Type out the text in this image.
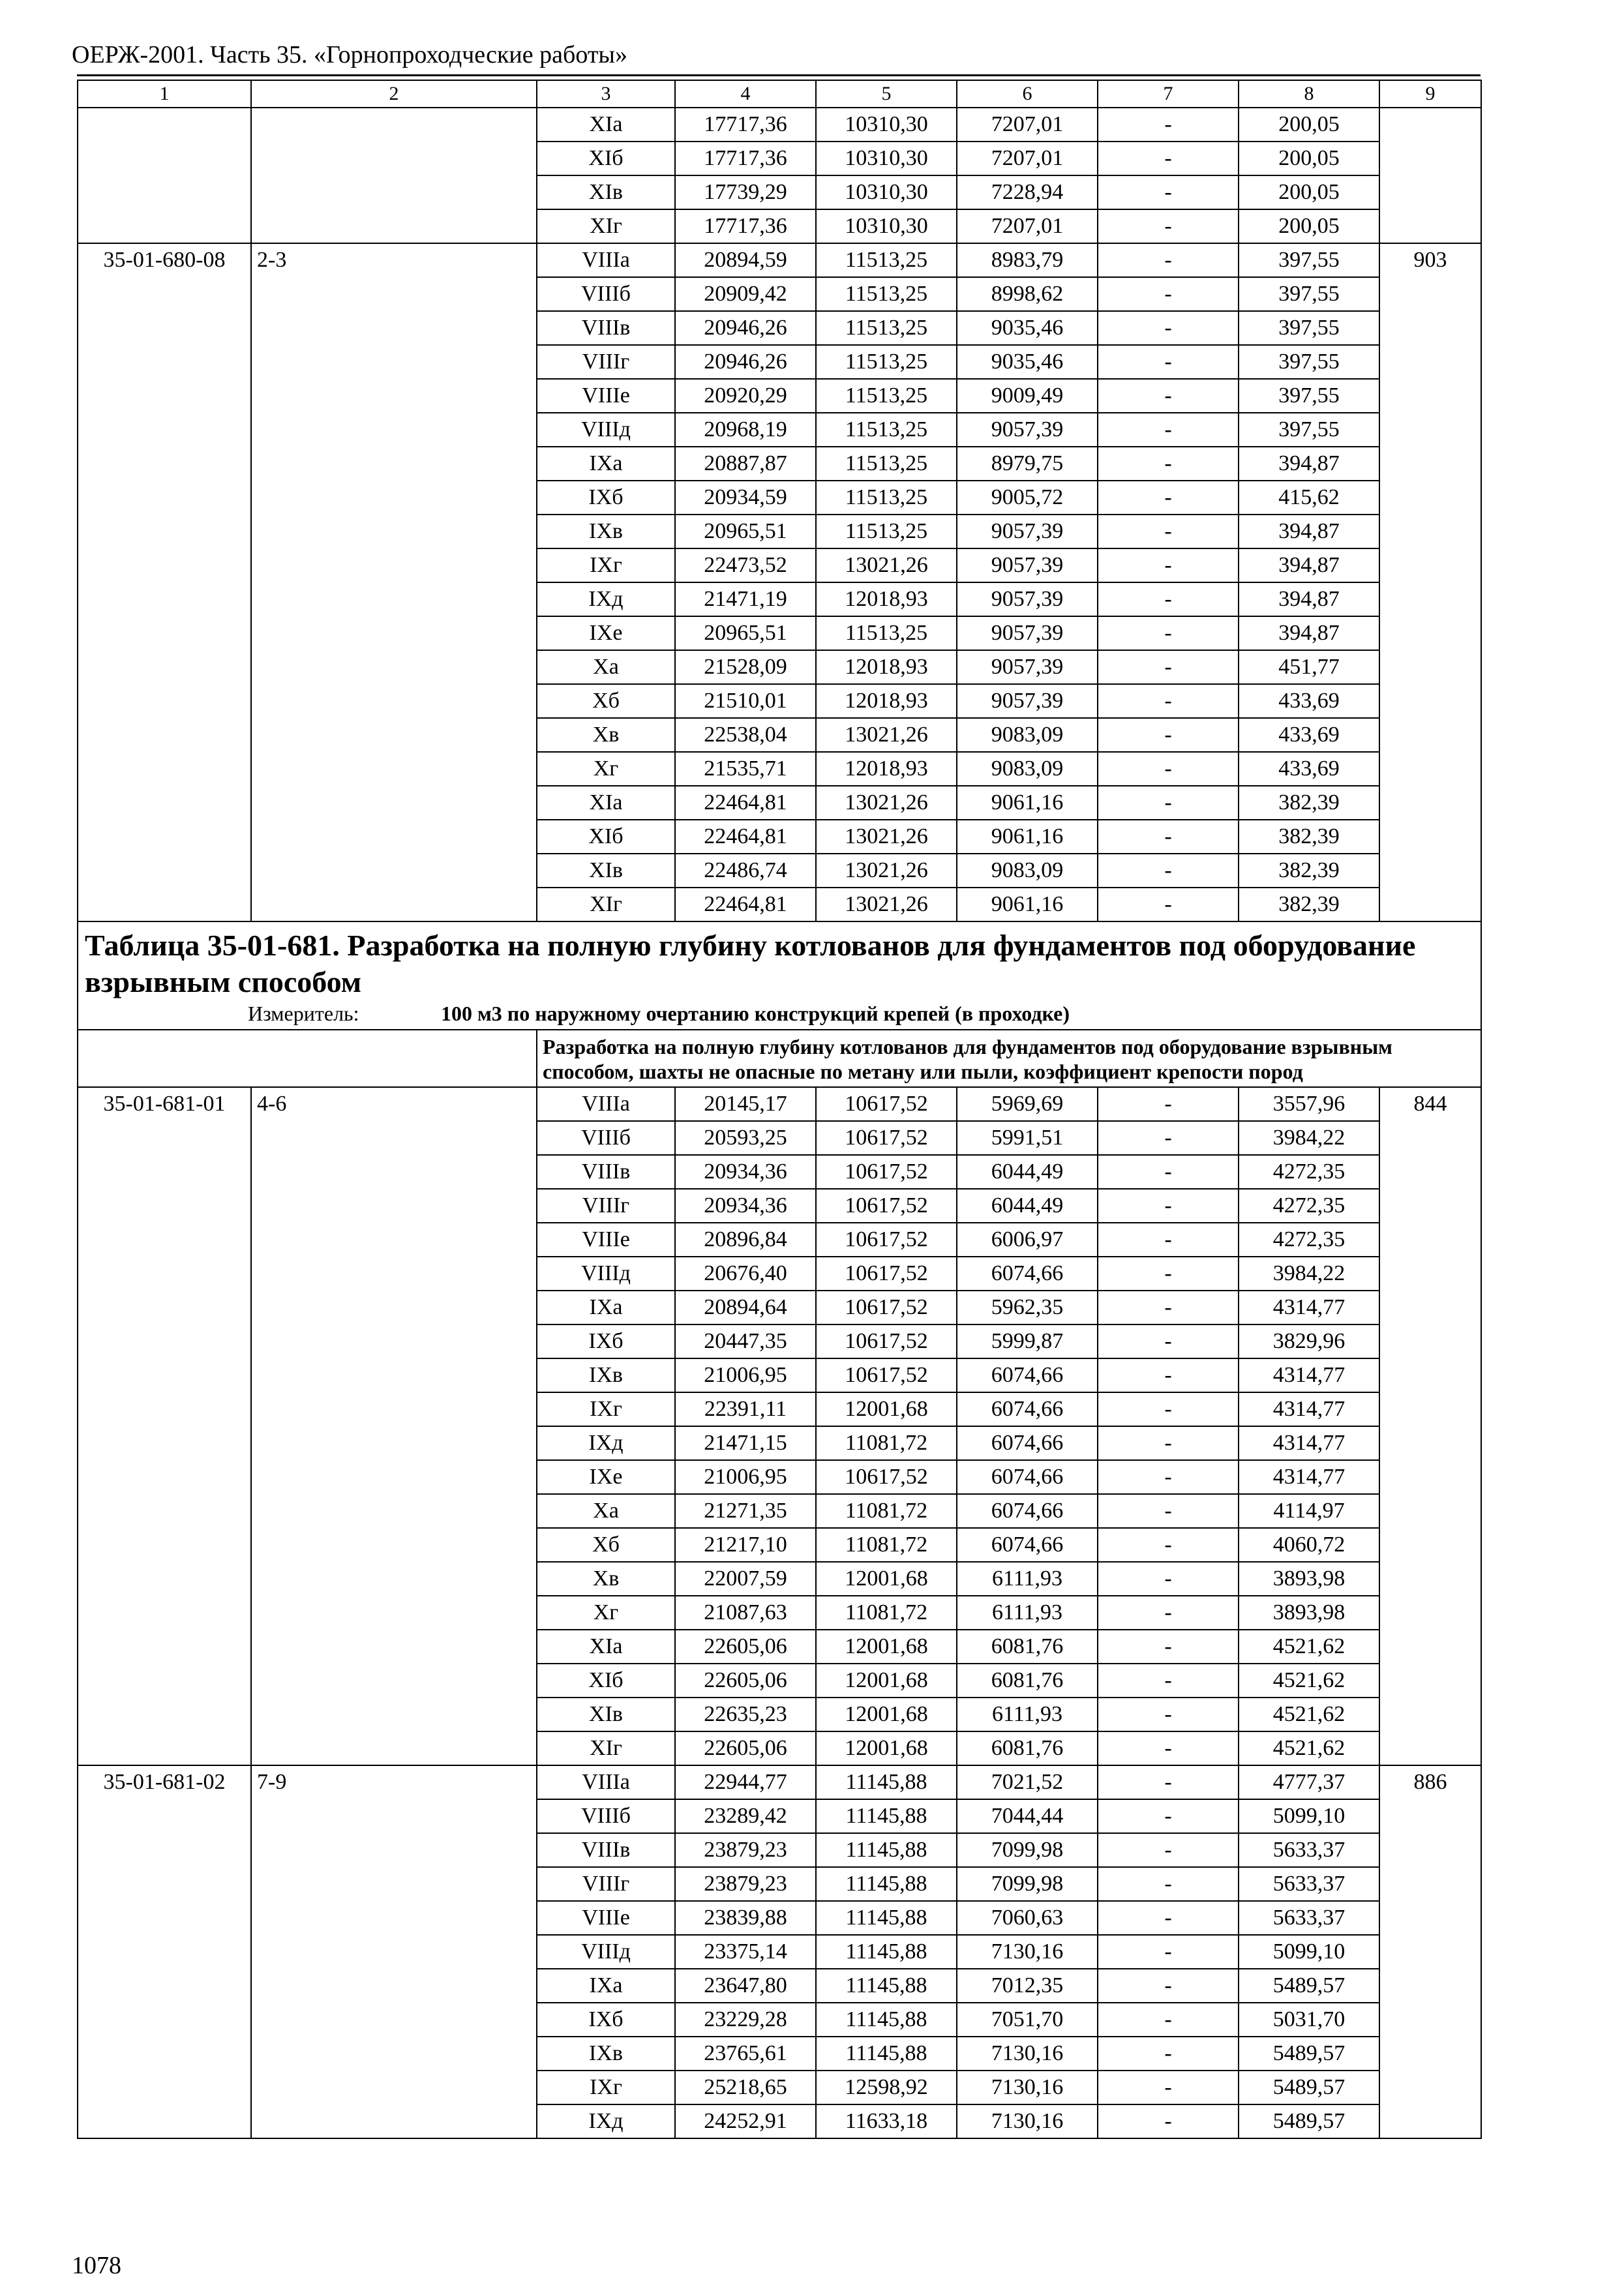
ОЕРЖ-2001. Часть 35. «Горнопроходческие работы»
1	2	3	4	5	6	7	8	9
		XIа	17717,36	10310,30	7207,01	-	200,05	
		XIб	17717,36	10310,30	7207,01	-	200,05	
		XIв	17739,29	10310,30	7228,94	-	200,05	
		XIг	17717,36	10310,30	7207,01	-	200,05	
35-01-680-08	2-3	VIIIа	20894,59	11513,25	8983,79	-	397,55	903
		VIIIб	20909,42	11513,25	8998,62	-	397,55	
		VIIIв	20946,26	11513,25	9035,46	-	397,55	
		VIIIг	20946,26	11513,25	9035,46	-	397,55	
		VIIIе	20920,29	11513,25	9009,49	-	397,55	
		VIIIд	20968,19	11513,25	9057,39	-	397,55	
		IXа	20887,87	11513,25	8979,75	-	394,87	
		IXб	20934,59	11513,25	9005,72	-	415,62	
		IXв	20965,51	11513,25	9057,39	-	394,87	
		IXг	22473,52	13021,26	9057,39	-	394,87	
		IXд	21471,19	12018,93	9057,39	-	394,87	
		IXе	20965,51	11513,25	9057,39	-	394,87	
		Xа	21528,09	12018,93	9057,39	-	451,77	
		Xб	21510,01	12018,93	9057,39	-	433,69	
		Xв	22538,04	13021,26	9083,09	-	433,69	
		Xг	21535,71	12018,93	9083,09	-	433,69	
		XIа	22464,81	13021,26	9061,16	-	382,39	
		XIб	22464,81	13021,26	9061,16	-	382,39	
		XIв	22486,74	13021,26	9083,09	-	382,39	
		XIг	22464,81	13021,26	9061,16	-	382,39	

Таблица 35-01-681. Разработка на полную глубину котлованов для фундаментов под оборудование взрывным способом
Измеритель: 100 м3 по наружному очертанию конструкций крепей (в проходке)								

		Разработка на полную глубину котлованов для фундаментов под оборудование взрывным способом, шахты не опасные по метану или пыли, коэффициент крепости пород						
35-01-681-01	4-6	VIIIа	20145,17	10617,52	5969,69	-	3557,96	844
		VIIIб	20593,25	10617,52	5991,51	-	3984,22	
		VIIIв	20934,36	10617,52	6044,49	-	4272,35	
		VIIIг	20934,36	10617,52	6044,49	-	4272,35	
		VIIIе	20896,84	10617,52	6006,97	-	4272,35	
		VIIIд	20676,40	10617,52	6074,66	-	3984,22	
		IXа	20894,64	10617,52	5962,35	-	4314,77	
		IXб	20447,35	10617,52	5999,87	-	3829,96	
		IXв	21006,95	10617,52	6074,66	-	4314,77	
		IXг	22391,11	12001,68	6074,66	-	4314,77	
		IXд	21471,15	11081,72	6074,66	-	4314,77	
		IXе	21006,95	10617,52	6074,66	-	4314,77	
		Xа	21271,35	11081,72	6074,66	-	4114,97	
		Xб	21217,10	11081,72	6074,66	-	4060,72	
		Xв	22007,59	12001,68	6111,93	-	3893,98	
		Xг	21087,63	11081,72	6111,93	-	3893,98	
		XIа	22605,06	12001,68	6081,76	-	4521,62	
		XIб	22605,06	12001,68	6081,76	-	4521,62	
		XIв	22635,23	12001,68	6111,93	-	4521,62	
		XIг	22605,06	12001,68	6081,76	-	4521,62	
35-01-681-02	7-9	VIIIа	22944,77	11145,88	7021,52	-	4777,37	886
		VIIIб	23289,42	11145,88	7044,44	-	5099,10	
		VIIIв	23879,23	11145,88	7099,98	-	5633,37	
		VIIIг	23879,23	11145,88	7099,98	-	5633,37	
		VIIIе	23839,88	11145,88	7060,63	-	5633,37	
		VIIIд	23375,14	11145,88	7130,16	-	5099,10	
		IXа	23647,80	11145,88	7012,35	-	5489,57	
		IXб	23229,28	11145,88	7051,70	-	5031,70	
		IXв	23765,61	11145,88	7130,16	-	5489,57	
		IXг	25218,65	12598,92	7130,16	-	5489,57	
		IXд	24252,91	11633,18	7130,16	-	5489,57	
1078
